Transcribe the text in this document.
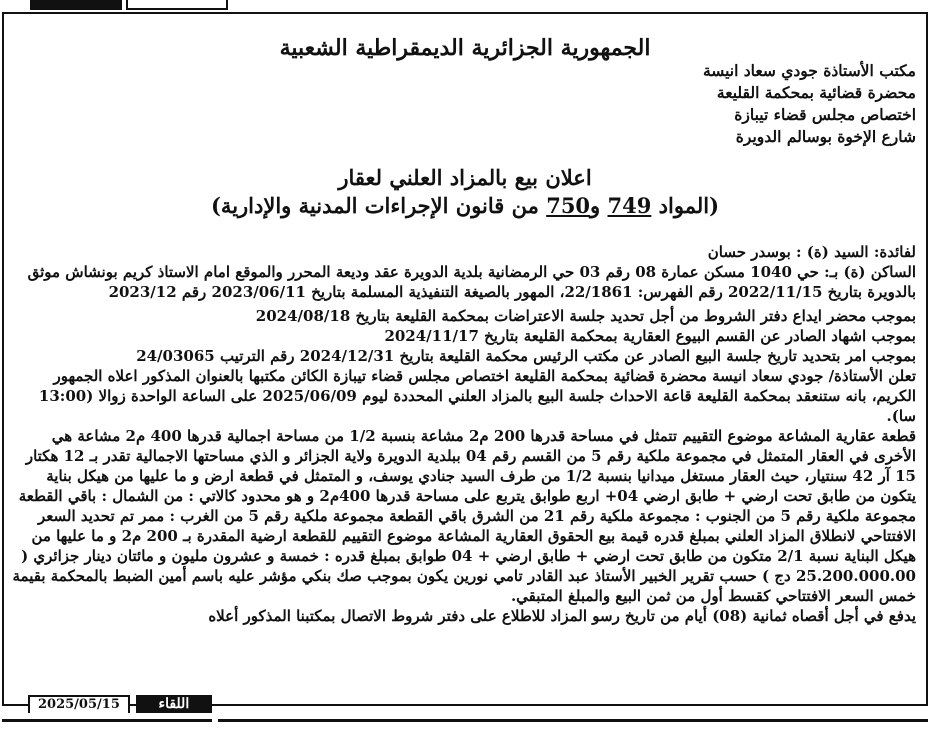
الجمهورية الجزائرية الديمقراطية الشعبية
مكتب الأستاذة جودي سعاد انيسة
محضرة قضائية بمحكمة القليعة
اختصاص مجلس قضاء تيبازة
شارع الإخوة بوسالم الدويرة
اعلان بيع بالمزاد العلني لعقار
(المواد 749 و750 من قانون الإجراءات المدنية والإدارية)

لفائدة: السيد (ة) : بوسدر حسان

الساكن (ة) بـ: حي 1040 مسكن عمارة 08 رقم 03 حي الرمضانية بلدية الدويرة عقد وديعة المحرر والموقع امام الاستاذ كريم بونشاش موثق بالدويرة بتاريخ 2022/11/15 رقم الفهرس: 22/1861، المهور بالصيغة التنفيذية المسلمة بتاريخ 2023/06/11 رقم 2023/12

بموجب محضر ايداع دفتر الشروط من أجل تحديد جلسة الاعتراضات بمحكمة القليعة بتاريخ 2024/08/18

بموجب اشهاد الصادر عن القسم البيوع العقارية بمحكمة القليعة بتاريخ 2024/11/17

بموجب امر بتحديد تاريخ جلسة البيع الصادر عن مكتب الرئيس محكمة القليعة بتاريخ 2024/12/31 رقم الترتيب 24/03065

تعلن الأستاذة/ جودي سعاد انيسة محضرة قضائية بمحكمة القليعة اختصاص مجلس قضاء تيبازة الكائن مكتبها بالعنوان المذكور اعلاه الجمهور الكريم، بانه ستنعقد بمحكمة القليعة قاعة الاحداث جلسة البيع بالمزاد العلني المحددة ليوم 2025/06/09 على الساعة الواحدة زوالا (13:00 سا).

قطعة عقارية المشاعة موضوع التقييم تتمثل في مساحة قدرها 200 م2 مشاعة بنسبة 1/2 من مساحة اجمالية قدرها 400 م2 مشاعة هي الأخرى في العقار المتمثل في مجموعة ملكية رقم 5 من القسم رقم 04 ببلدية الدويرة ولاية الجزائر و الذي مساحتها الاجمالية تقدر بـ 12 هكتار 15 آر 42 سنتيار، حيث العقار مستغل ميدانيا بنسبة 1/2 من طرف السيد جنادي يوسف، و المتمثل في قطعة ارض و ما عليها من هيكل بناية يتكون من طابق تحت ارضي + طابق ارضي 04+ اربع طوابق يتربع على مساحة قدرها 400م2 و هو محدود كالاتي : من الشمال : باقي القطعة مجموعة ملكية رقم 5 من الجنوب : مجموعة ملكية رقم 21 من الشرق باقي القطعة مجموعة ملكية رقم 5 من الغرب : ممر تم تحديد السعر الافتتاحي لانطلاق المزاد العلني بمبلغ قدره قيمة بيع الحقوق العقارية المشاعة موضوع التقييم للقطعة ارضية المقدرة بـ 200 م2 و ما عليها من هيكل البناية نسبة 2/1 متكون من طابق تحت ارضي + طابق ارضي + 04 طوابق بمبلغ قدره : خمسة و عشرون مليون و مائتان دينار جزائري ( 25.200.000.00 دج ) حسب تقرير الخبير الأستاذ عبد القادر تامي نورين يكون بموجب صك بنكي مؤشر عليه باسم أمين الضبط بالمحكمة بقيمة خمس السعر الافتتاحي كقسط أول من ثمن البيع والمبلغ المتبقي.

يدفع في أجل أقصاه ثمانية (08) أيام من تاريخ رسو المزاد للاطلاع على دفتر شروط الاتصال بمكتبنا المذكور أعلاه

2025/05/15	اللقاء
